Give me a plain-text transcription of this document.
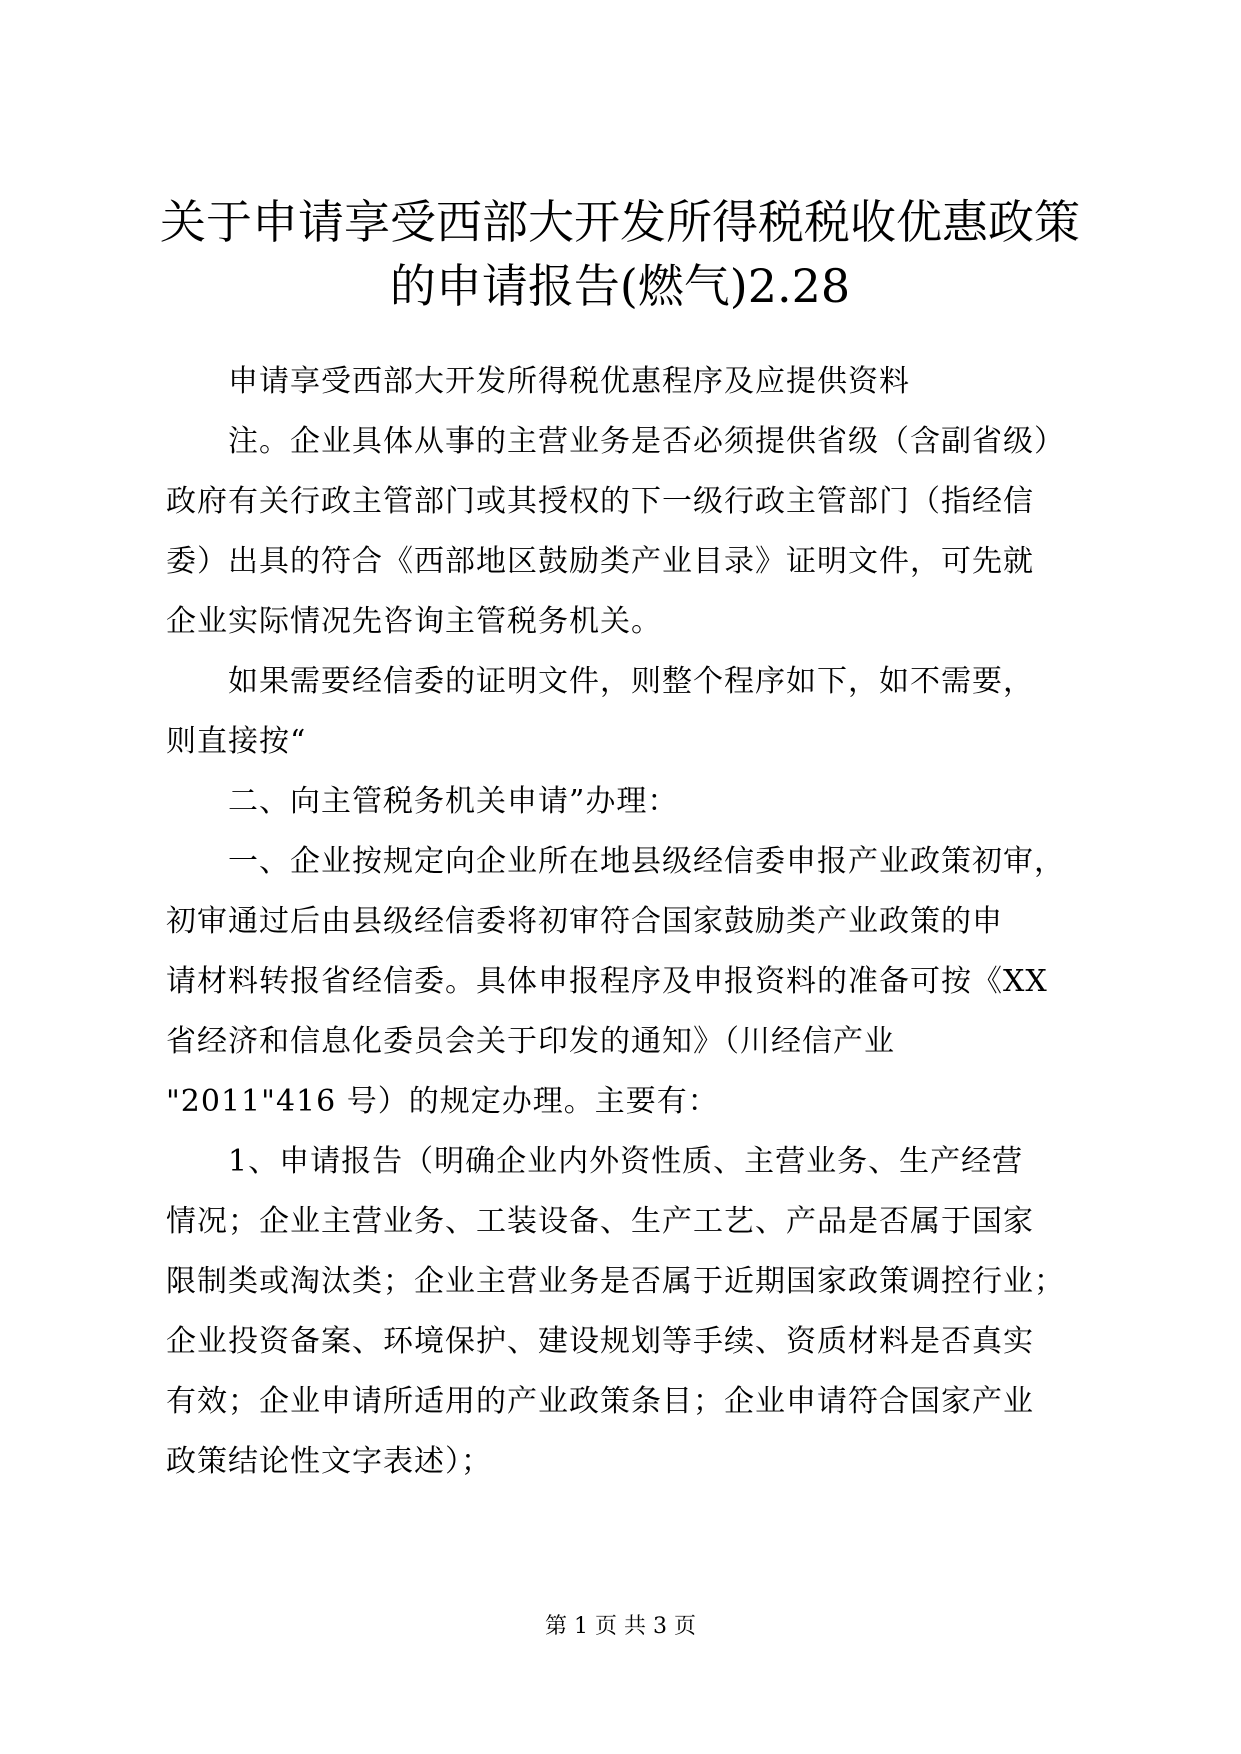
关于申请享受西部大开发所得税税收优惠政策
的申请报告(燃气)2.28

申请享受西部大开发所得税优惠程序及应提供资料

注。企业具体从事的主营业务是否必须提供省级（含副省级）
政府有关行政主管部门或其授权的下一级行政主管部门（指经信
委）出具的符合《西部地区鼓励类产业目录》证明文件，可先就
企业实际情况先咨询主管税务机关。

如果需要经信委的证明文件，则整个程序如下，如不需要，
则直接按“

二、向主管税务机关申请”办理：

一、企业按规定向企业所在地县级经信委申报产业政策初审，
初审通过后由县级经信委将初审符合国家鼓励类产业政策的申
请材料转报省经信委。具体申报程序及申报资料的准备可按《XX
省经济和信息化委员会关于印发的通知》（川经信产业
"2011"416 号）的规定办理。主要有：

1、申请报告（明确企业内外资性质、主营业务、生产经营
情况；企业主营业务、工装设备、生产工艺、产品是否属于国家
限制类或淘汰类；企业主营业务是否属于近期国家政策调控行业；
企业投资备案、环境保护、建设规划等手续、资质材料是否真实
有效；企业申请所适用的产业政策条目；企业申请符合国家产业
政策结论性文字表述）；

第 1 页 共 3 页
